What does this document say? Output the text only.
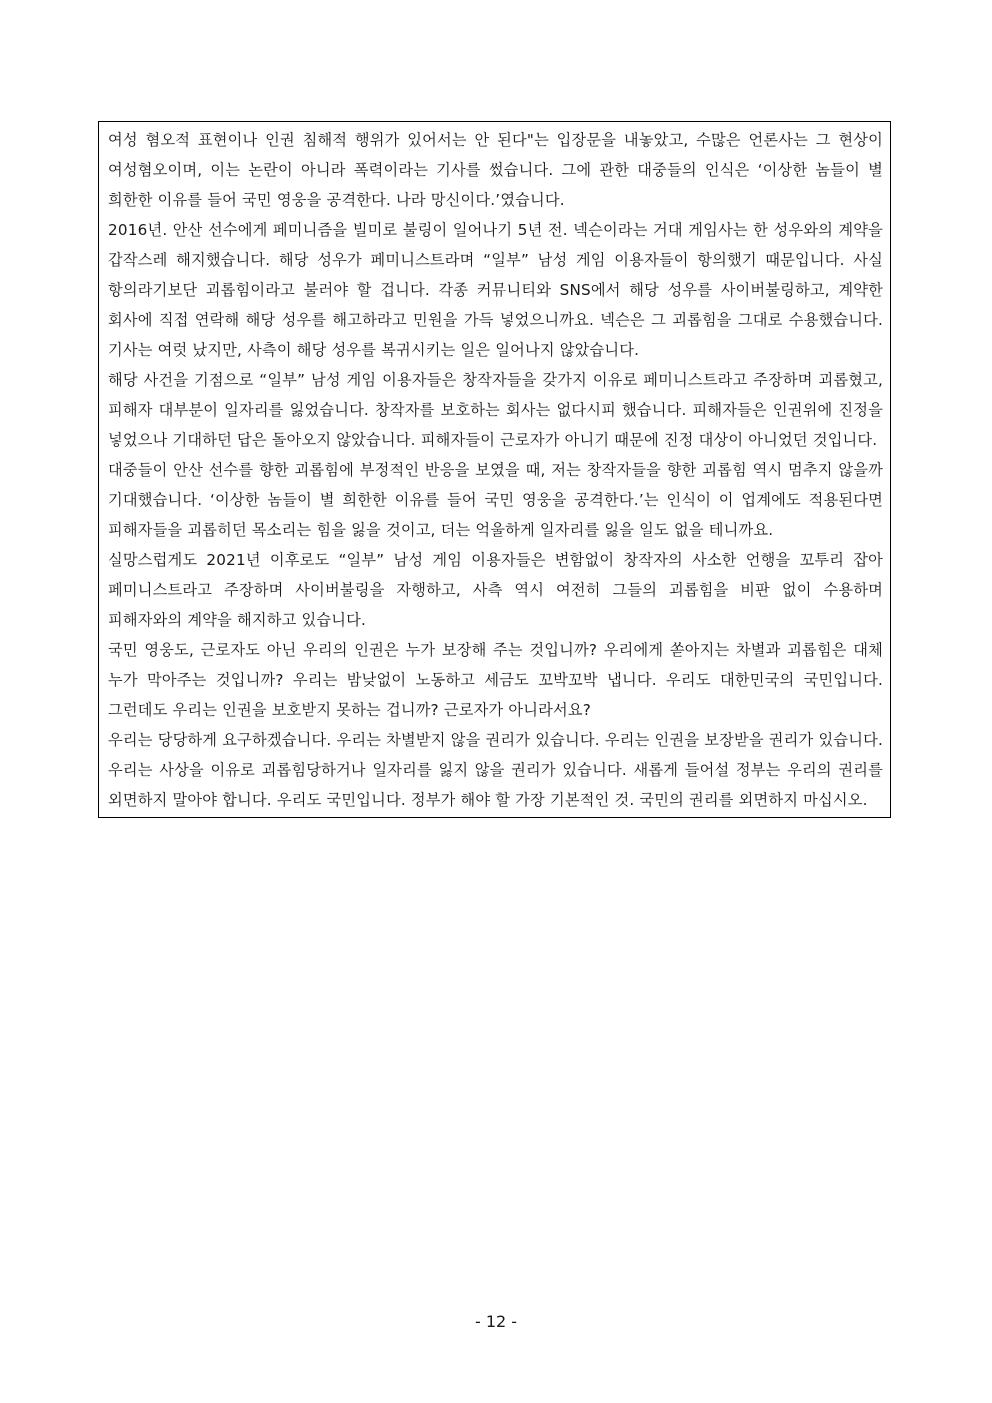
여성 혐오적 표현이나 인권 침해적 행위가 있어서는 안 된다"는 입장문을 내놓았고, 수많은 언론사는 그 현상이 여성혐오이며, 이는 논란이 아니라 폭력이라는 기사를 썼습니다. 그에 관한 대중들의 인식은 ‘이상한 놈들이 별 희한한 이유를 들어 국민 영웅을 공격한다. 나라 망신이다.’였습니다.

2016년. 안산 선수에게 페미니즘을 빌미로 불링이 일어나기 5년 전. 넥슨이라는 거대 게임사는 한 성우와의 계약을 갑작스레 해지했습니다. 해당 성우가 페미니스트라며 “일부” 남성 게임 이용자들이 항의했기 때문입니다. 사실 항의라기보단 괴롭힘이라고 불러야 할 겁니다. 각종 커뮤니티와 SNS에서 해당 성우를 사이버불링하고, 계약한 회사에 직접 연락해 해당 성우를 해고하라고 민원을 가득 넣었으니까요. 넥슨은 그 괴롭힘을 그대로 수용했습니다. 기사는 여럿 났지만, 사측이 해당 성우를 복귀시키는 일은 일어나지 않았습니다.

해당 사건을 기점으로 “일부” 남성 게임 이용자들은 창작자들을 갖가지 이유로 페미니스트라고 주장하며 괴롭혔고, 피해자 대부분이 일자리를 잃었습니다. 창작자를 보호하는 회사는 없다시피 했습니다. 피해자들은 인권위에 진정을 넣었으나 기대하던 답은 돌아오지 않았습니다. 피해자들이 근로자가 아니기 때문에 진정 대상이 아니었던 것입니다.

대중들이 안산 선수를 향한 괴롭힘에 부정적인 반응을 보였을 때, 저는 창작자들을 향한 괴롭힘 역시 멈추지 않을까 기대했습니다. ‘이상한 놈들이 별 희한한 이유를 들어 국민 영웅을 공격한다.’는 인식이 이 업계에도 적용된다면 피해자들을 괴롭히던 목소리는 힘을 잃을 것이고, 더는 억울하게 일자리를 잃을 일도 없을 테니까요.

실망스럽게도 2021년 이후로도 “일부” 남성 게임 이용자들은 변함없이 창작자의 사소한 언행을 꼬투리 잡아 페미니스트라고 주장하며 사이버불링을 자행하고, 사측 역시 여전히 그들의 괴롭힘을 비판 없이 수용하며 피해자와의 계약을 해지하고 있습니다.

국민 영웅도, 근로자도 아닌 우리의 인권은 누가 보장해 주는 것입니까? 우리에게 쏟아지는 차별과 괴롭힘은 대체 누가 막아주는 것입니까? 우리는 밤낮없이 노동하고 세금도 꼬박꼬박 냅니다. 우리도 대한민국의 국민입니다. 그런데도 우리는 인권을 보호받지 못하는 겁니까? 근로자가 아니라서요?

우리는 당당하게 요구하겠습니다. 우리는 차별받지 않을 권리가 있습니다. 우리는 인권을 보장받을 권리가 있습니다. 우리는 사상을 이유로 괴롭힘당하거나 일자리를 잃지 않을 권리가 있습니다. 새롭게 들어설 정부는 우리의 권리를 외면하지 말아야 합니다. 우리도 국민입니다. 정부가 해야 할 가장 기본적인 것. 국민의 권리를 외면하지 마십시오.

- 12 -
